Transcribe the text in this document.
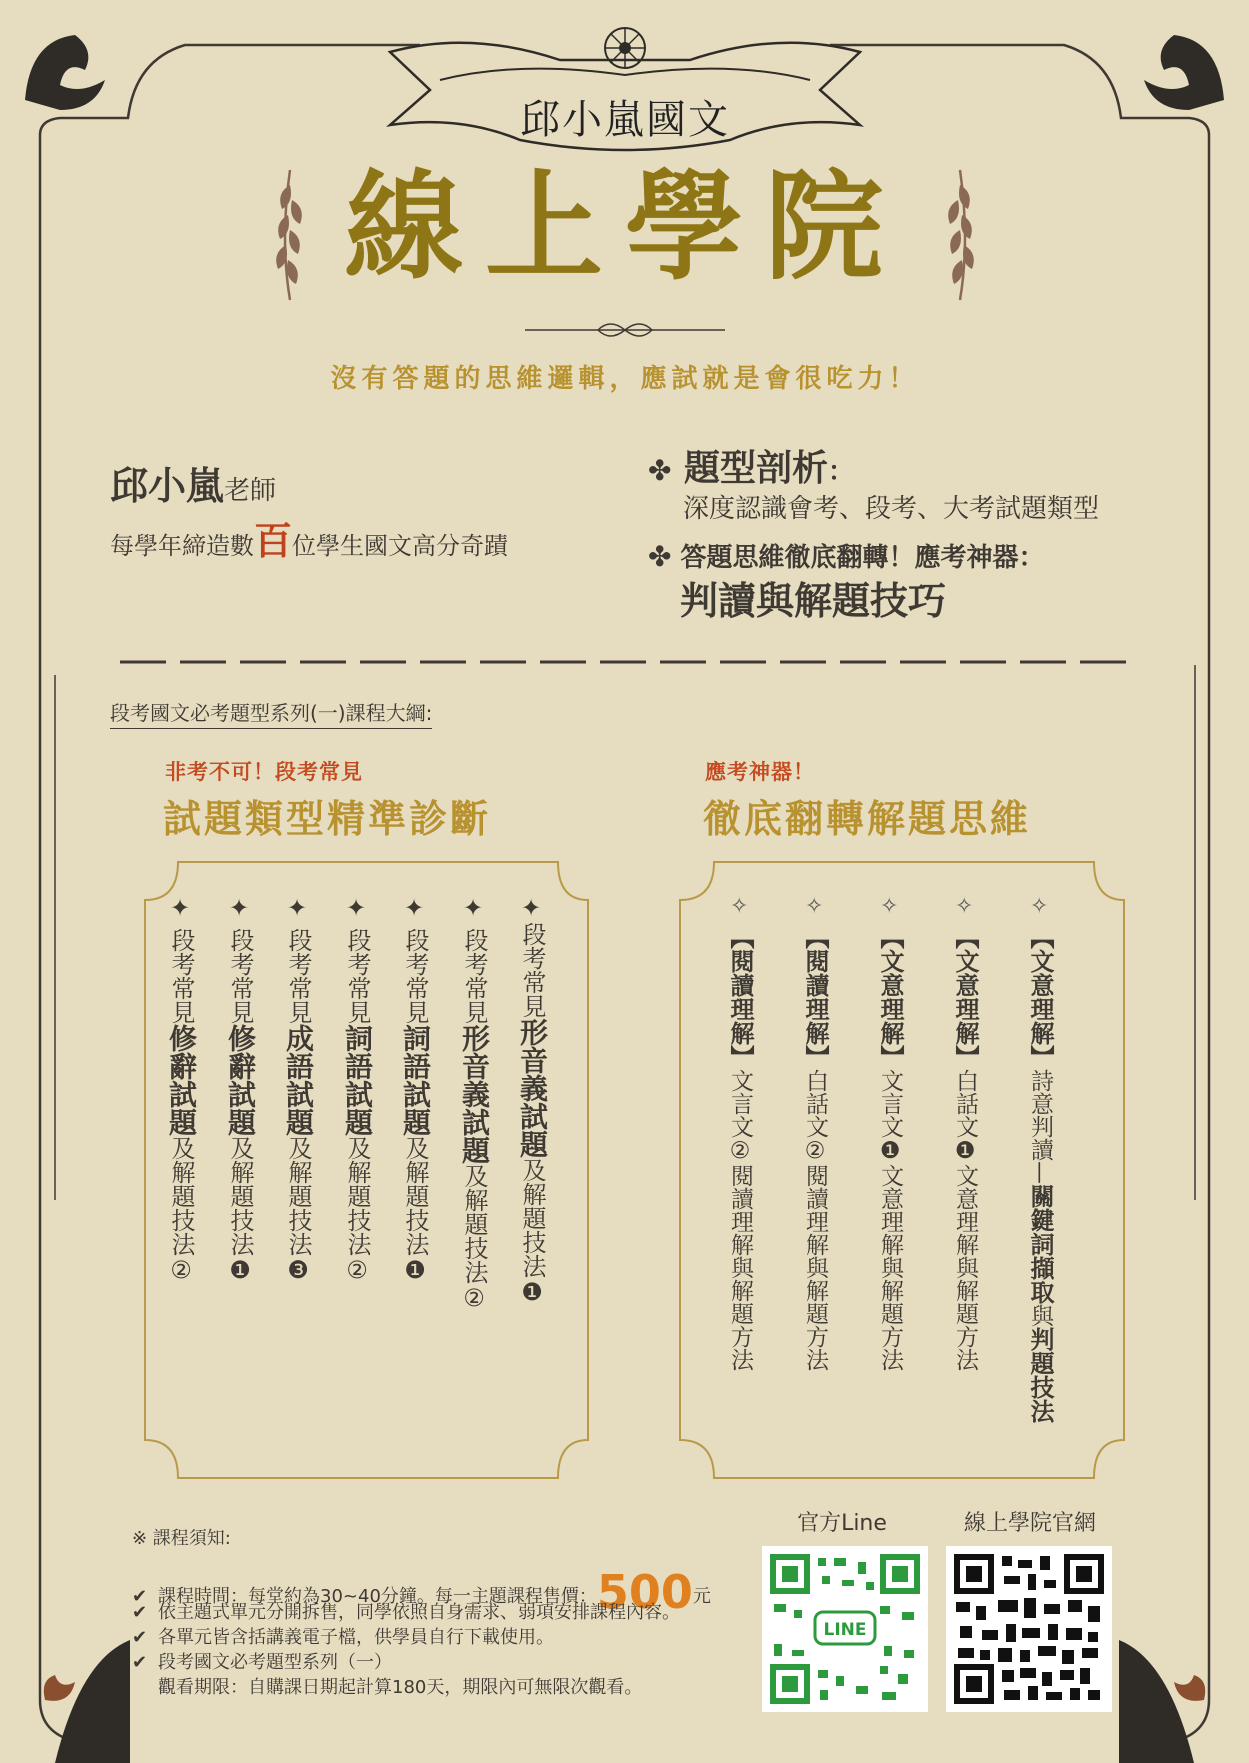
邱小嵐國文
線上學院
沒有答題的思維邏輯，應試就是會很吃力！
邱小嵐老師
每學年締造數百位學生國文高分奇蹟
✤ 題型剖析：
深度認識會考、段考、大考試題類型
✤ 答題思維徹底翻轉！應考神器：
判讀與解題技巧
段考國文必考題型系列(一)課程大綱:
非考不可！段考常見
試題類型精準診斷
✦ ✦ ✦ ✦ ✦ ✦ ✦
段考常見修辭試題及解題技法②
段考常見修辭試題及解題技法❶
段考常見成語試題及解題技法❸
段考常見詞語試題及解題技法②
段考常見詞語試題及解題技法❶
段考常見形音義試題及解題技法②
段考常見形音義試題及解題技法❶
應考神器！
徹底翻轉解題思維
✧	✧	✧	✧	✧
【閱讀理解】文言文②閱讀理解與解題方法
【閱讀理解】白話文②閱讀理解與解題方法
【文意理解】文言文❶文意理解與解題方法
【文意理解】白話文❶文意理解與解題方法
【文意理解】詩意判讀—關鍵詞擷取與判題技法
※ 課程須知:
✔ 課程時間：每堂約為30~40分鐘。每一主題課程售價：500元
✔ 依主題式單元分開拆售，同學依照自身需求、弱項安排課程內容。
✔ 各單元皆含括講義電子檔，供學員自行下載使用。
✔ 段考國文必考題型系列（一）
觀看期限：自購課日期起計算180天，期限內可無限次觀看。
官方Line	線上學院官網
LINE
